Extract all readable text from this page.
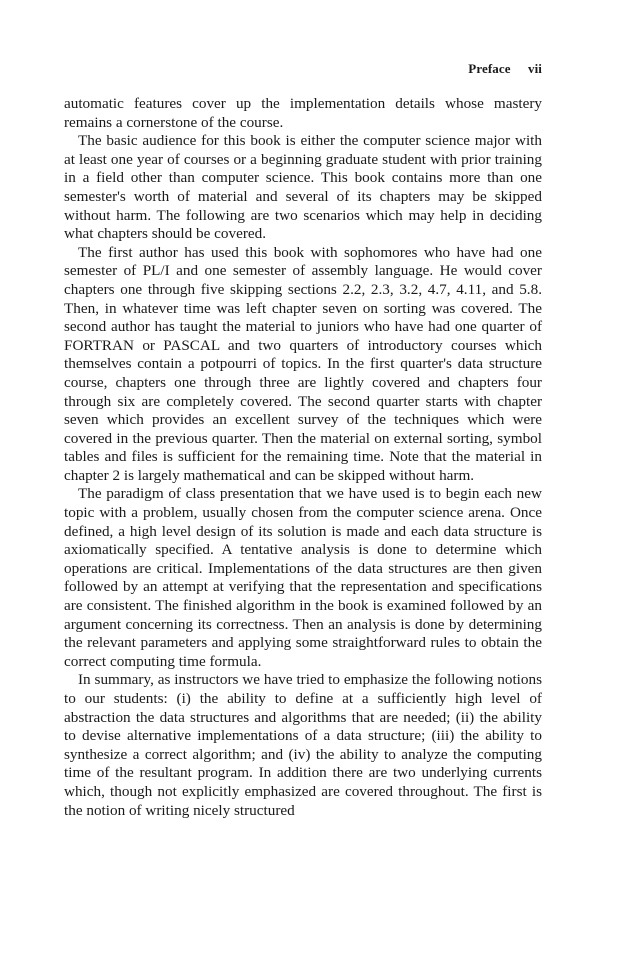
Preface vii

automatic features cover up the implementation details whose mastery remains a cornerstone of the course.

The basic audience for this book is either the computer science major with at least one year of courses or a beginning graduate student with prior training in a field other than computer science. This book contains more than one semester's worth of material and several of its chapters may be skipped without harm. The following are two scenarios which may help in deciding what chapters should be covered.

The first author has used this book with sophomores who have had one semester of PL/I and one semester of assembly language. He would cover chapters one through five skipping sections 2.2, 2.3, 3.2, 4.7, 4.11, and 5.8. Then, in whatever time was left chapter seven on sorting was covered. The second author has taught the material to juniors who have had one quarter of FORTRAN or PASCAL and two quarters of introductory courses which themselves contain a potpourri of topics. In the first quarter's data structure course, chapters one through three are lightly covered and chapters four through six are completely covered. The second quarter starts with chapter seven which provides an excellent survey of the techniques which were covered in the previous quarter. Then the material on external sorting, symbol tables and files is sufficient for the remaining time. Note that the material in chapter 2 is largely mathematical and can be skipped without harm.

The paradigm of class presentation that we have used is to begin each new topic with a problem, usually chosen from the computer science arena. Once defined, a high level design of its solution is made and each data structure is axiomatically specified. A tentative analysis is done to determine which operations are critical. Implementations of the data structures are then given followed by an attempt at verifying that the representation and specifications are consistent. The finished algorithm in the book is examined followed by an argument concerning its correctness. Then an analysis is done by determining the relevant parameters and applying some straightforward rules to obtain the correct computing time formula.

In summary, as instructors we have tried to emphasize the following notions to our students: (i) the ability to define at a sufficiently high level of abstraction the data structures and algorithms that are needed; (ii) the ability to devise alternative implementations of a data structure; (iii) the ability to synthesize a correct algorithm; and (iv) the ability to analyze the computing time of the resultant program. In addition there are two underlying currents which, though not explicitly emphasized are covered throughout. The first is the notion of writing nicely structured
